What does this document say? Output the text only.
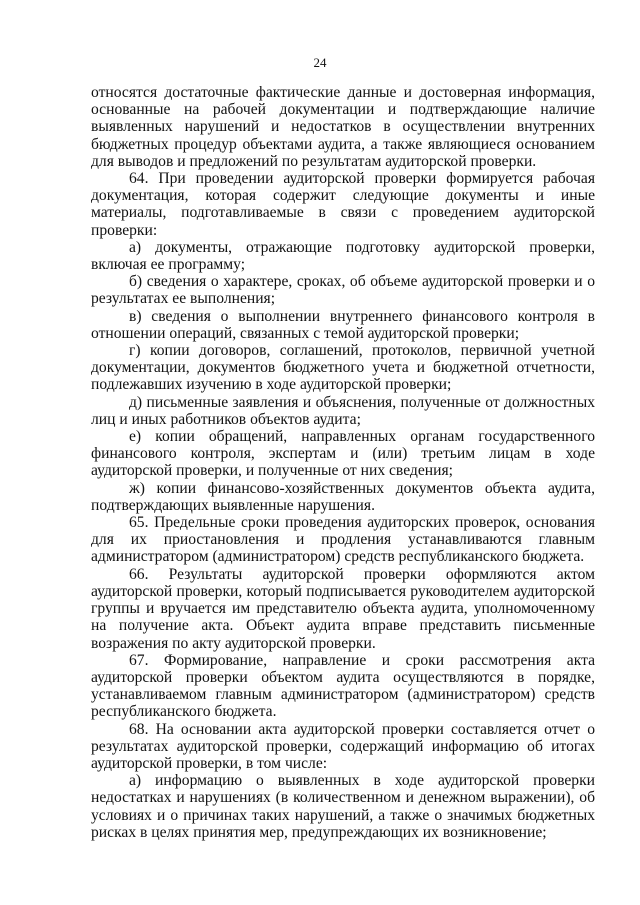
24

относятся достаточные фактические данные и достоверная информация, основанные на рабочей документации и подтверждающие наличие выявленных нарушений и недостатков в осуществлении внутренних бюджетных процедур объектами аудита, а также являющиеся основанием для выводов и предложений по результатам аудиторской проверки.

64. При проведении аудиторской проверки формируется рабочая документация, которая содержит следующие документы и иные материалы, подготавливаемые в связи с проведением аудиторской проверки:

а) документы, отражающие подготовку аудиторской проверки, включая ее программу;

б) сведения о характере, сроках, об объеме аудиторской проверки и о результатах ее выполнения;

в) сведения о выполнении внутреннего финансового контроля в отношении операций, связанных с темой аудиторской проверки;

г) копии договоров, соглашений, протоколов, первичной учетной документации, документов бюджетного учета и бюджетной отчетности, подлежавших изучению в ходе аудиторской проверки;

д) письменные заявления и объяснения, полученные от должностных лиц и иных работников объектов аудита;

е) копии обращений, направленных органам государственного финансового контроля, экспертам и (или) третьим лицам в ходе аудиторской проверки, и полученные от них сведения;

ж) копии финансово-хозяйственных документов объекта аудита, подтверждающих выявленные нарушения.

65. Предельные сроки проведения аудиторских проверок, основания для их приостановления и продления устанавливаются главным администратором (администратором) средств республиканского бюджета.

66. Результаты аудиторской проверки оформляются актом аудиторской проверки, который подписывается руководителем аудиторской группы и вручается им представителю объекта аудита, уполномоченному на получение акта. Объект аудита вправе представить письменные возражения по акту аудиторской проверки.

67. Формирование, направление и сроки рассмотрения акта аудиторской проверки объектом аудита осуществляются в порядке, устанавливаемом главным администратором (администратором) средств республиканского бюджета.

68. На основании акта аудиторской проверки составляется отчет о результатах аудиторской проверки, содержащий информацию об итогах аудиторской проверки, в том числе:

а) информацию о выявленных в ходе аудиторской проверки недостатках и нарушениях (в количественном и денежном выражении), об условиях и о причинах таких нарушений, а также о значимых бюджетных рисках в целях принятия мер, предупреждающих их возникновение;
